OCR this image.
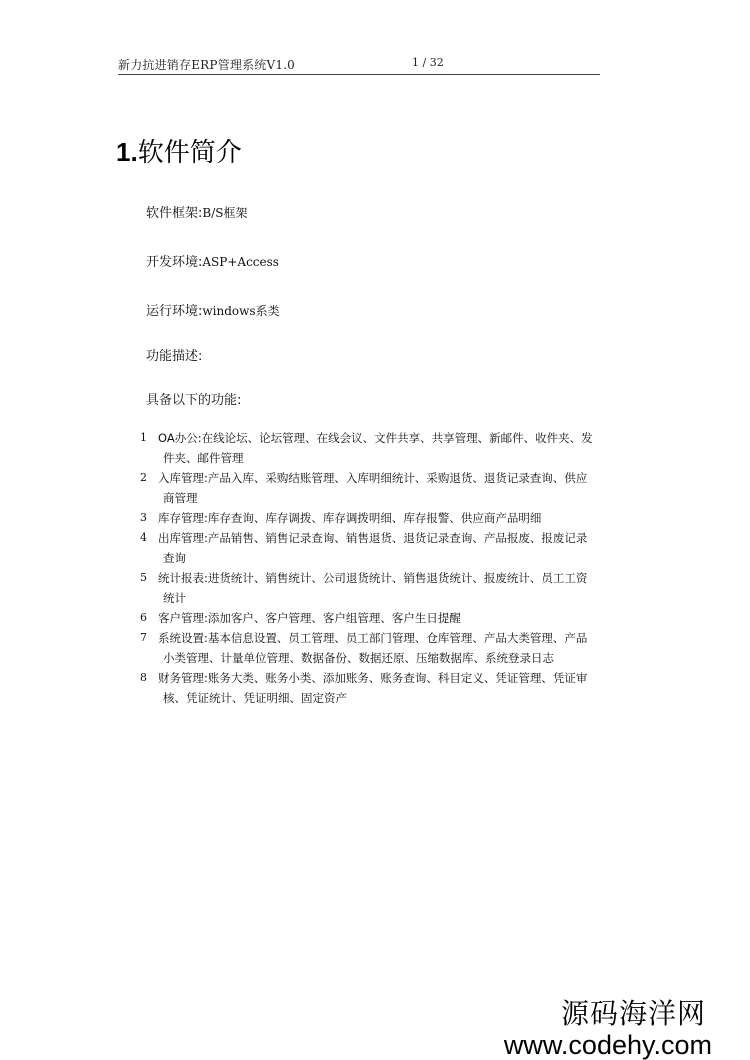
新力抗进销存ERP管理系统V1.0	1 / 32
1.软件简介
软件框架:B/S框架
开发环境:ASP+Access
运行环境:windows系类
功能描述:
具备以下的功能:
1 OA办公:在线论坛、论坛管理、在线会议、文件共享、共享管理、新邮件、收件夹、发
件夹、邮件管理
2 入库管理:产品入库、采购结账管理、入库明细统计、采购退货、退货记录查询、供应
商管理
3 库存管理:库存查询、库存调拨、库存调拨明细、库存报警、供应商产品明细
4 出库管理:产品销售、销售记录查询、销售退货、退货记录查询、产品报废、报废记录
查询
5 统计报表:进货统计、销售统计、公司退货统计、销售退货统计、报废统计、员工工资
统计
6 客户管理:添加客户、客户管理、客户组管理、客户生日提醒
7 系统设置:基本信息设置、员工管理、员工部门管理、仓库管理、产品大类管理、产品
小类管理、计量单位管理、数据备份、数据还原、压缩数据库、系统登录日志
8 财务管理:账务大类、账务小类、添加账务、账务查询、科目定义、凭证管理、凭证审
核、凭证统计、凭证明细、固定资产
源码海洋网
www.codehy.com
